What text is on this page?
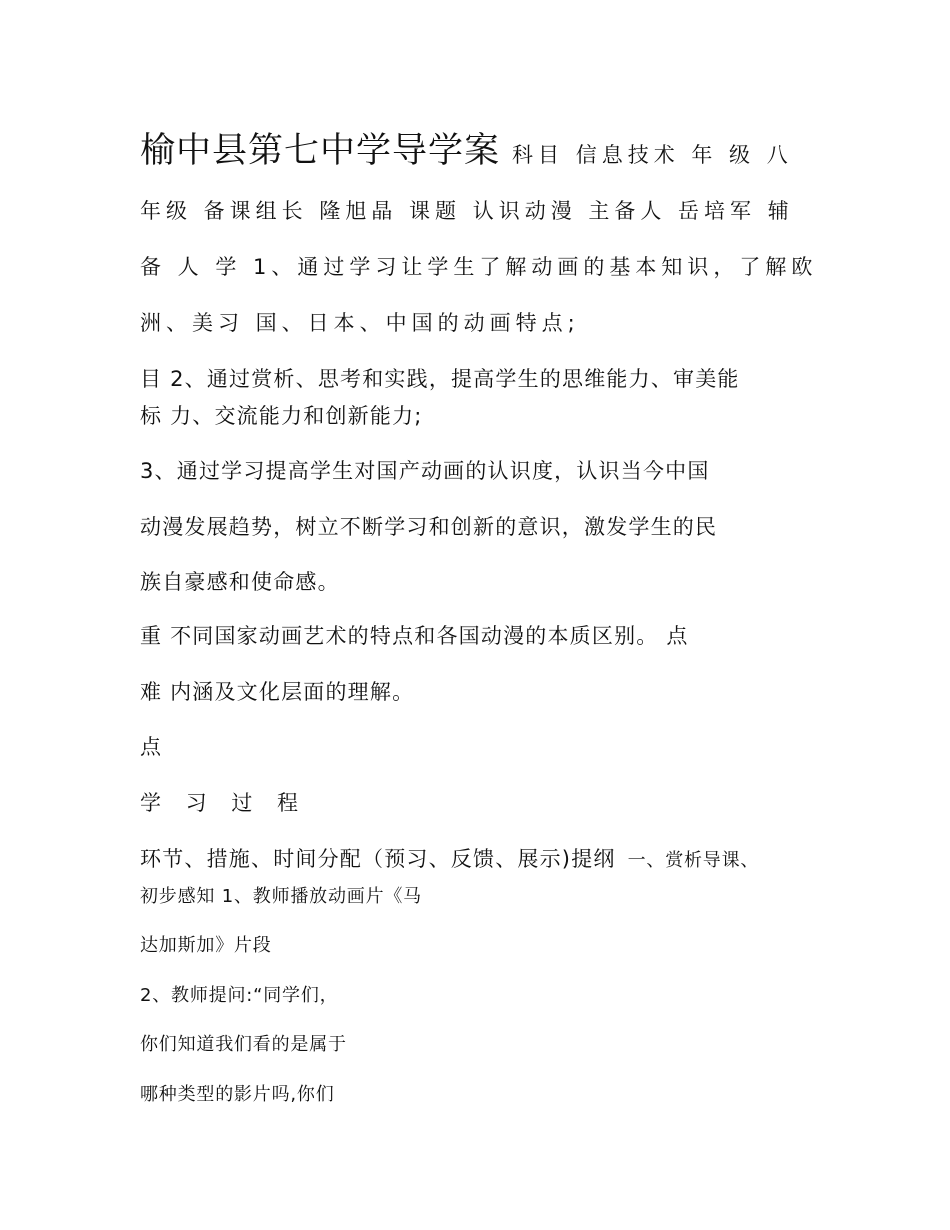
榆中县第七中学导学案 科目 信息技术 年 级 八
年级 备课组长 隆旭晶 课题 认识动漫 主备人 岳培军 辅
备 人 学 1、通过学习让学生了解动画的基本知识，了解欧
洲、美习 国、日本、中国的动画特点;
目 2、通过赏析、思考和实践，提高学生的思维能力、审美能
标 力、交流能力和创新能力;
3、通过学习提高学生对国产动画的认识度，认识当今中国
动漫发展趋势，树立不断学习和创新的意识，激发学生的民
族自豪感和使命感。
重 不同国家动画艺术的特点和各国动漫的本质区别。 点
难 内涵及文化层面的理解。
点
学 习 过 程
环节、措施、时间分配（预习、反馈、展示)提纲 一、赏析导课、
初步感知 1、教师播放动画片《马
达加斯加》片段
2、教师提问:“同学们，
你们知道我们看的是属于
哪种类型的影片吗,你们
